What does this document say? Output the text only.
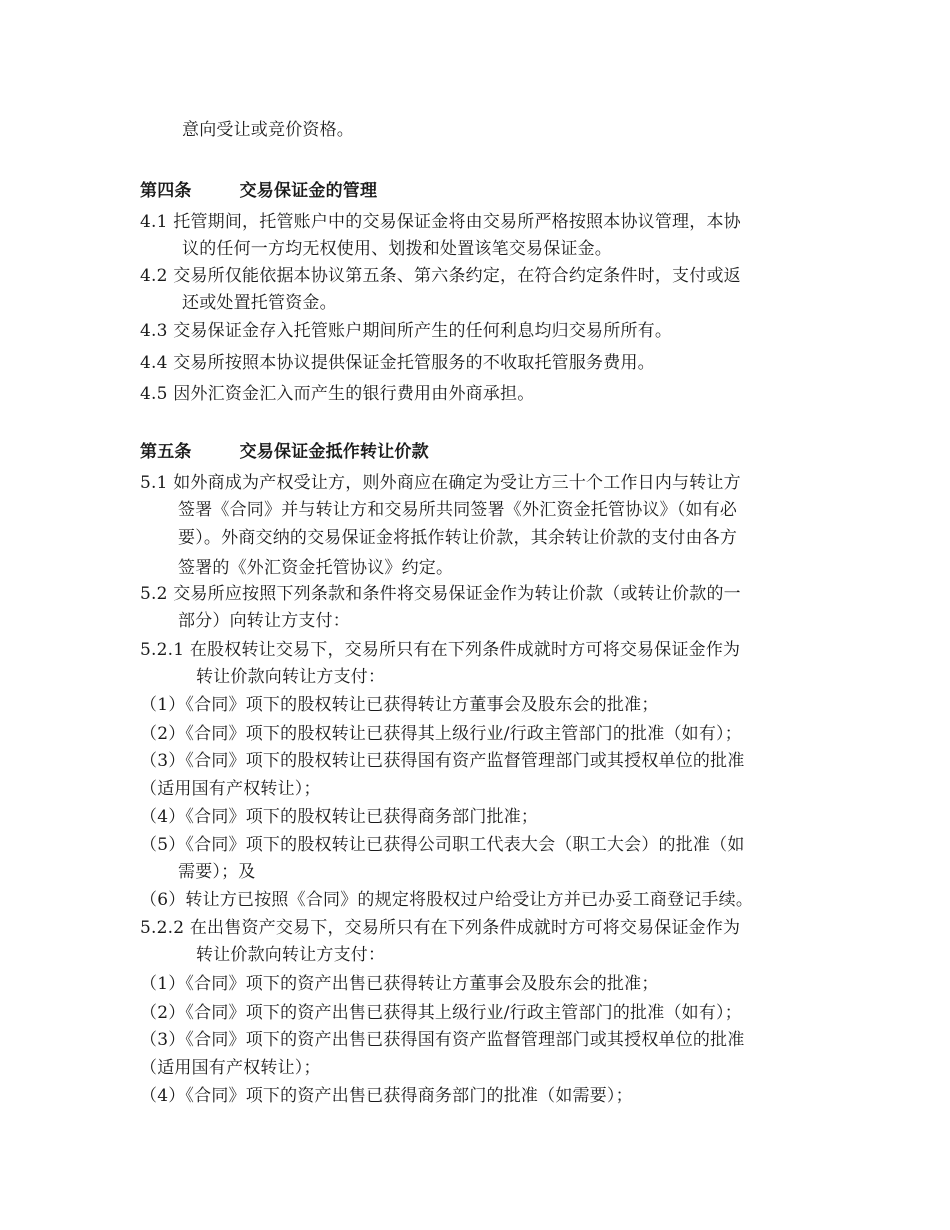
意向受让或竞价资格。
第四条	交易保证金的管理
4.1 托管期间，托管账户中的交易保证金将由交易所严格按照本协议管理，本协
议的任何一方均无权使用、划拨和处置该笔交易保证金。
4.2 交易所仅能依据本协议第五条、第六条约定，在符合约定条件时，支付或返
还或处置托管资金。
4.3 交易保证金存入托管账户期间所产生的任何利息均归交易所所有。
4.4 交易所按照本协议提供保证金托管服务的不收取托管服务费用。
4.5 因外汇资金汇入而产生的银行费用由外商承担。
第五条	交易保证金抵作转让价款
5.1 如外商成为产权受让方，则外商应在确定为受让方三十个工作日内与转让方
签署《合同》并与转让方和交易所共同签署《外汇资金托管协议》（如有必
要）。外商交纳的交易保证金将抵作转让价款，其余转让价款的支付由各方
签署的《外汇资金托管协议》约定。
5.2 交易所应按照下列条款和条件将交易保证金作为转让价款（或转让价款的一
部分）向转让方支付：
5.2.1 在股权转让交易下，交易所只有在下列条件成就时方可将交易保证金作为
转让价款向转让方支付：
（1）《合同》项下的股权转让已获得转让方董事会及股东会的批准；
（2）《合同》项下的股权转让已获得其上级行业/行政主管部门的批准（如有）；
（3）《合同》项下的股权转让已获得国有资产监督管理部门或其授权单位的批准
（适用国有产权转让）；
（4）《合同》项下的股权转让已获得商务部门批准；
（5）《合同》项下的股权转让已获得公司职工代表大会（职工大会）的批准（如
需要）；及
（6）转让方已按照《合同》的规定将股权过户给受让方并已办妥工商登记手续。
5.2.2 在出售资产交易下，交易所只有在下列条件成就时方可将交易保证金作为
转让价款向转让方支付：
（1）《合同》项下的资产出售已获得转让方董事会及股东会的批准；
（2）《合同》项下的资产出售已获得其上级行业/行政主管部门的批准（如有）；
（3）《合同》项下的资产出售已获得国有资产监督管理部门或其授权单位的批准
（适用国有产权转让）；
（4）《合同》项下的资产出售已获得商务部门的批准（如需要）；
